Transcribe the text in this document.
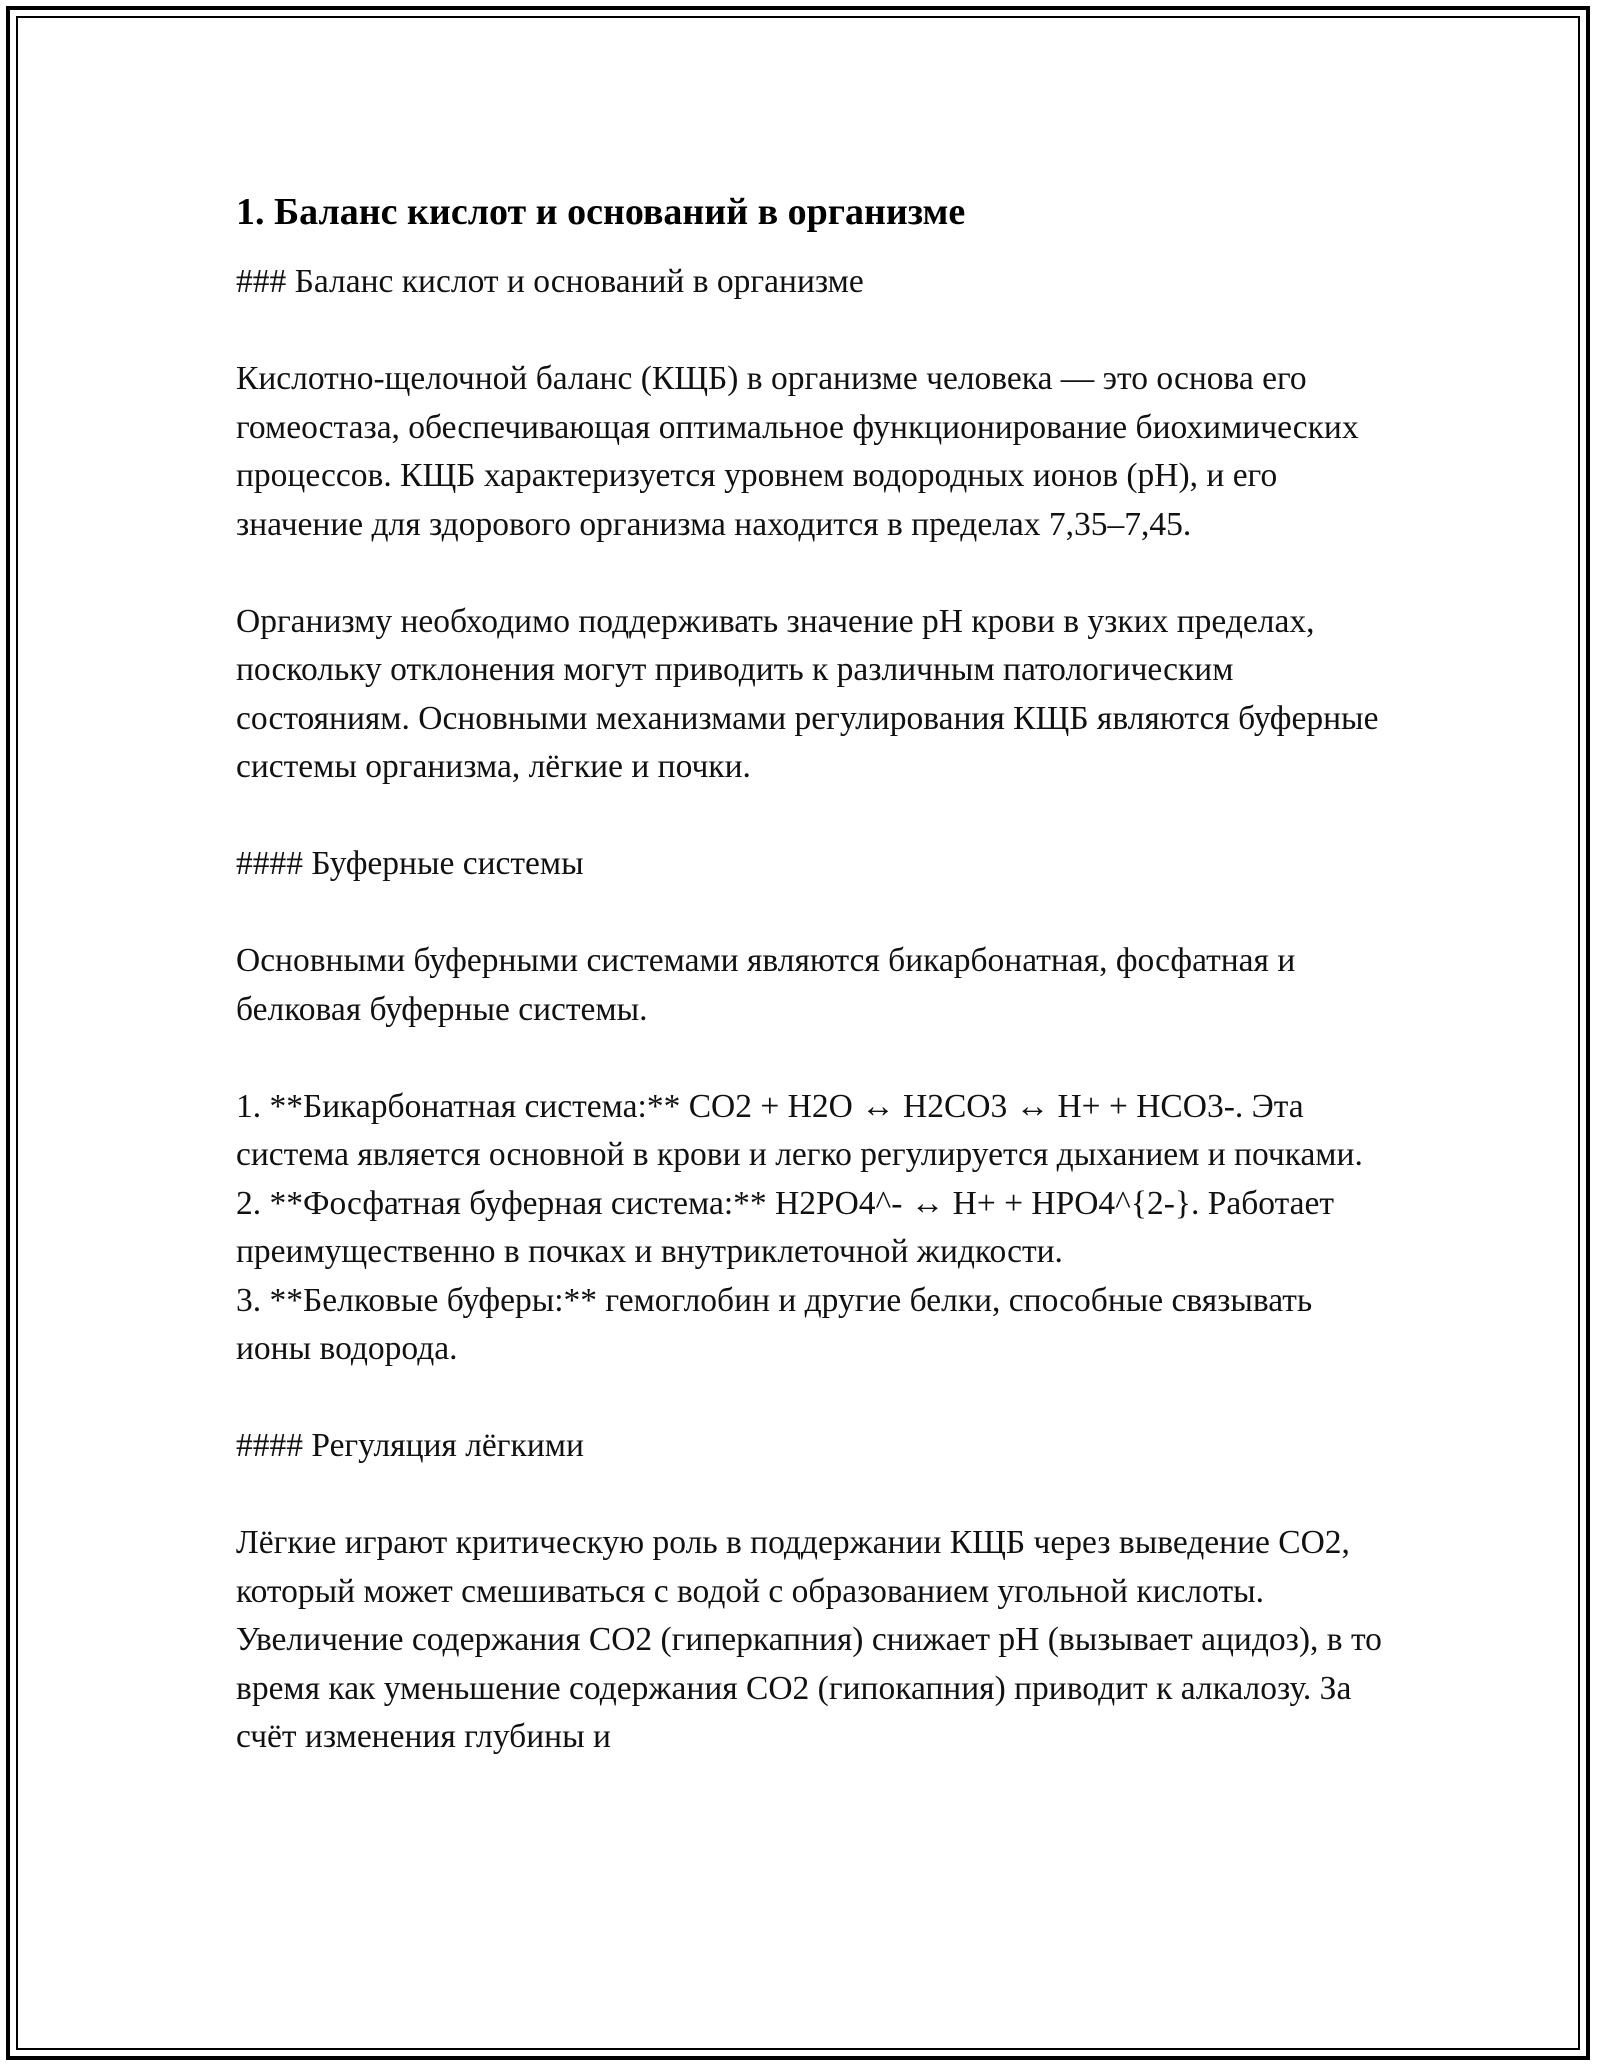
1. Баланс кислот и оснований в организме

### Баланс кислот и оснований в организме

Кислотно-щелочной баланс (КЩБ) в организме человека — это основа его гомеостаза, обеспечивающая оптимальное функционирование биохимических процессов. КЩБ характеризуется уровнем водородных ионов (pH), и его значение для здорового организма находится в пределах 7,35–7,45.

Организму необходимо поддерживать значение pH крови в узких пределах, поскольку отклонения могут приводить к различным патологическим состояниям. Основными механизмами регулирования КЩБ являются буферные системы организма, лёгкие и почки.

#### Буферные системы

Основными буферными системами являются бикарбонатная, фосфатная и белковая буферные системы.

1. **Бикарбонатная система:** CO2 + H2O ↔ H2CO3 ↔ H+ + HCO3-. Эта система является основной в крови и легко регулируется дыханием и почками.

2. **Фосфатная буферная система:** H2PO4^- ↔ H+ + HPO4^{2-}. Работает преимущественно в почках и внутриклеточной жидкости.

3. **Белковые буферы:** гемоглобин и другие белки, способные связывать ионы водорода.

#### Регуляция лёгкими

Лёгкие играют критическую роль в поддержании КЩБ через выведение CO2, который может смешиваться с водой с образованием угольной кислоты. Увеличение содержания CO2 (гиперкапния) снижает pH (вызывает ацидоз), в то время как уменьшение содержания CO2 (гипокапния) приводит к алкалозу. За счёт изменения глубины и
